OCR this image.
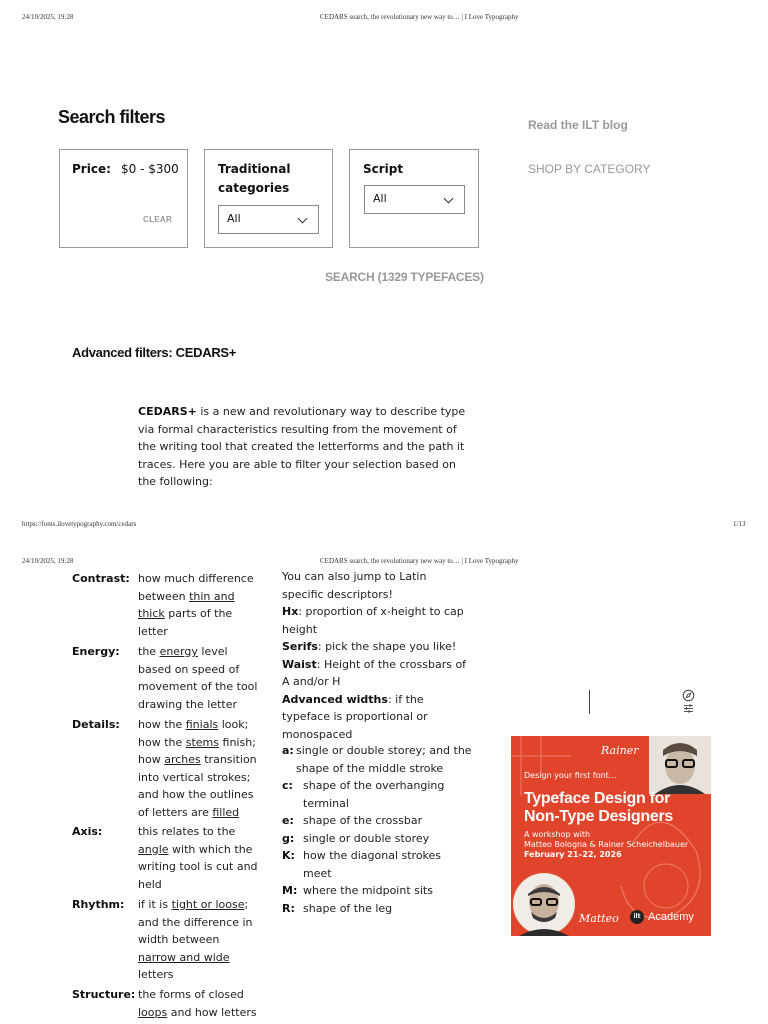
24/10/2025, 19:28	CEDARS search, the revolutionary new way to… | I Love Typography
Search filters
Price: $0 - $300
CLEAR
Traditional
categories
All
Script
All
Read the ILT blog
SHOP BY CATEGORY
SEARCH (1329 TYPEFACES)
Advanced filters: CEDARS+
CEDARS+ is a new and revolutionary way to describe type via formal characteristics resulting from the movement of the writing tool that created the letterforms and the path it traces. Here you are able to filter your selection based on the following:
https://fonts.ilovetypography.com/cedars	1/13
24/10/2025, 19:28	CEDARS search, the revolutionary new way to… | I Love Typography
Contrast: how much difference between thin and thick parts of the letter
Energy: the energy level based on speed of movement of the tool drawing the letter
Details: how the finials look; how the stems finish; how arches transition into vertical strokes; and how the outlines of letters are filled
Axis:	this relates to the angle with which the writing tool is cut and held
Rhythm: if it is tight or loose; and the difference in width between narrow and wide letters
Structure: the forms of closed loops and how letters
You can also jump to Latin specific descriptors!
Hx: proportion of x-height to cap height
Serifs: pick the shape you like!
Waist: Height of the crossbars of A and/or H
Advanced widths: if the typeface is proportional or monospaced
a: single or double storey; and the shape of the middle stroke
c: shape of the overhanging terminal
e: shape of the crossbar
g: single or double storey
K: how the diagonal strokes meet
M: where the midpoint sits
R: shape of the leg
Rainer
Design your first font…
Typeface Design for
Non-Type Designers
A workshop with
Matteo Bologna & Rainer Scheichelbauer
February 21–22, 2026
Matteo	ilt Academy
